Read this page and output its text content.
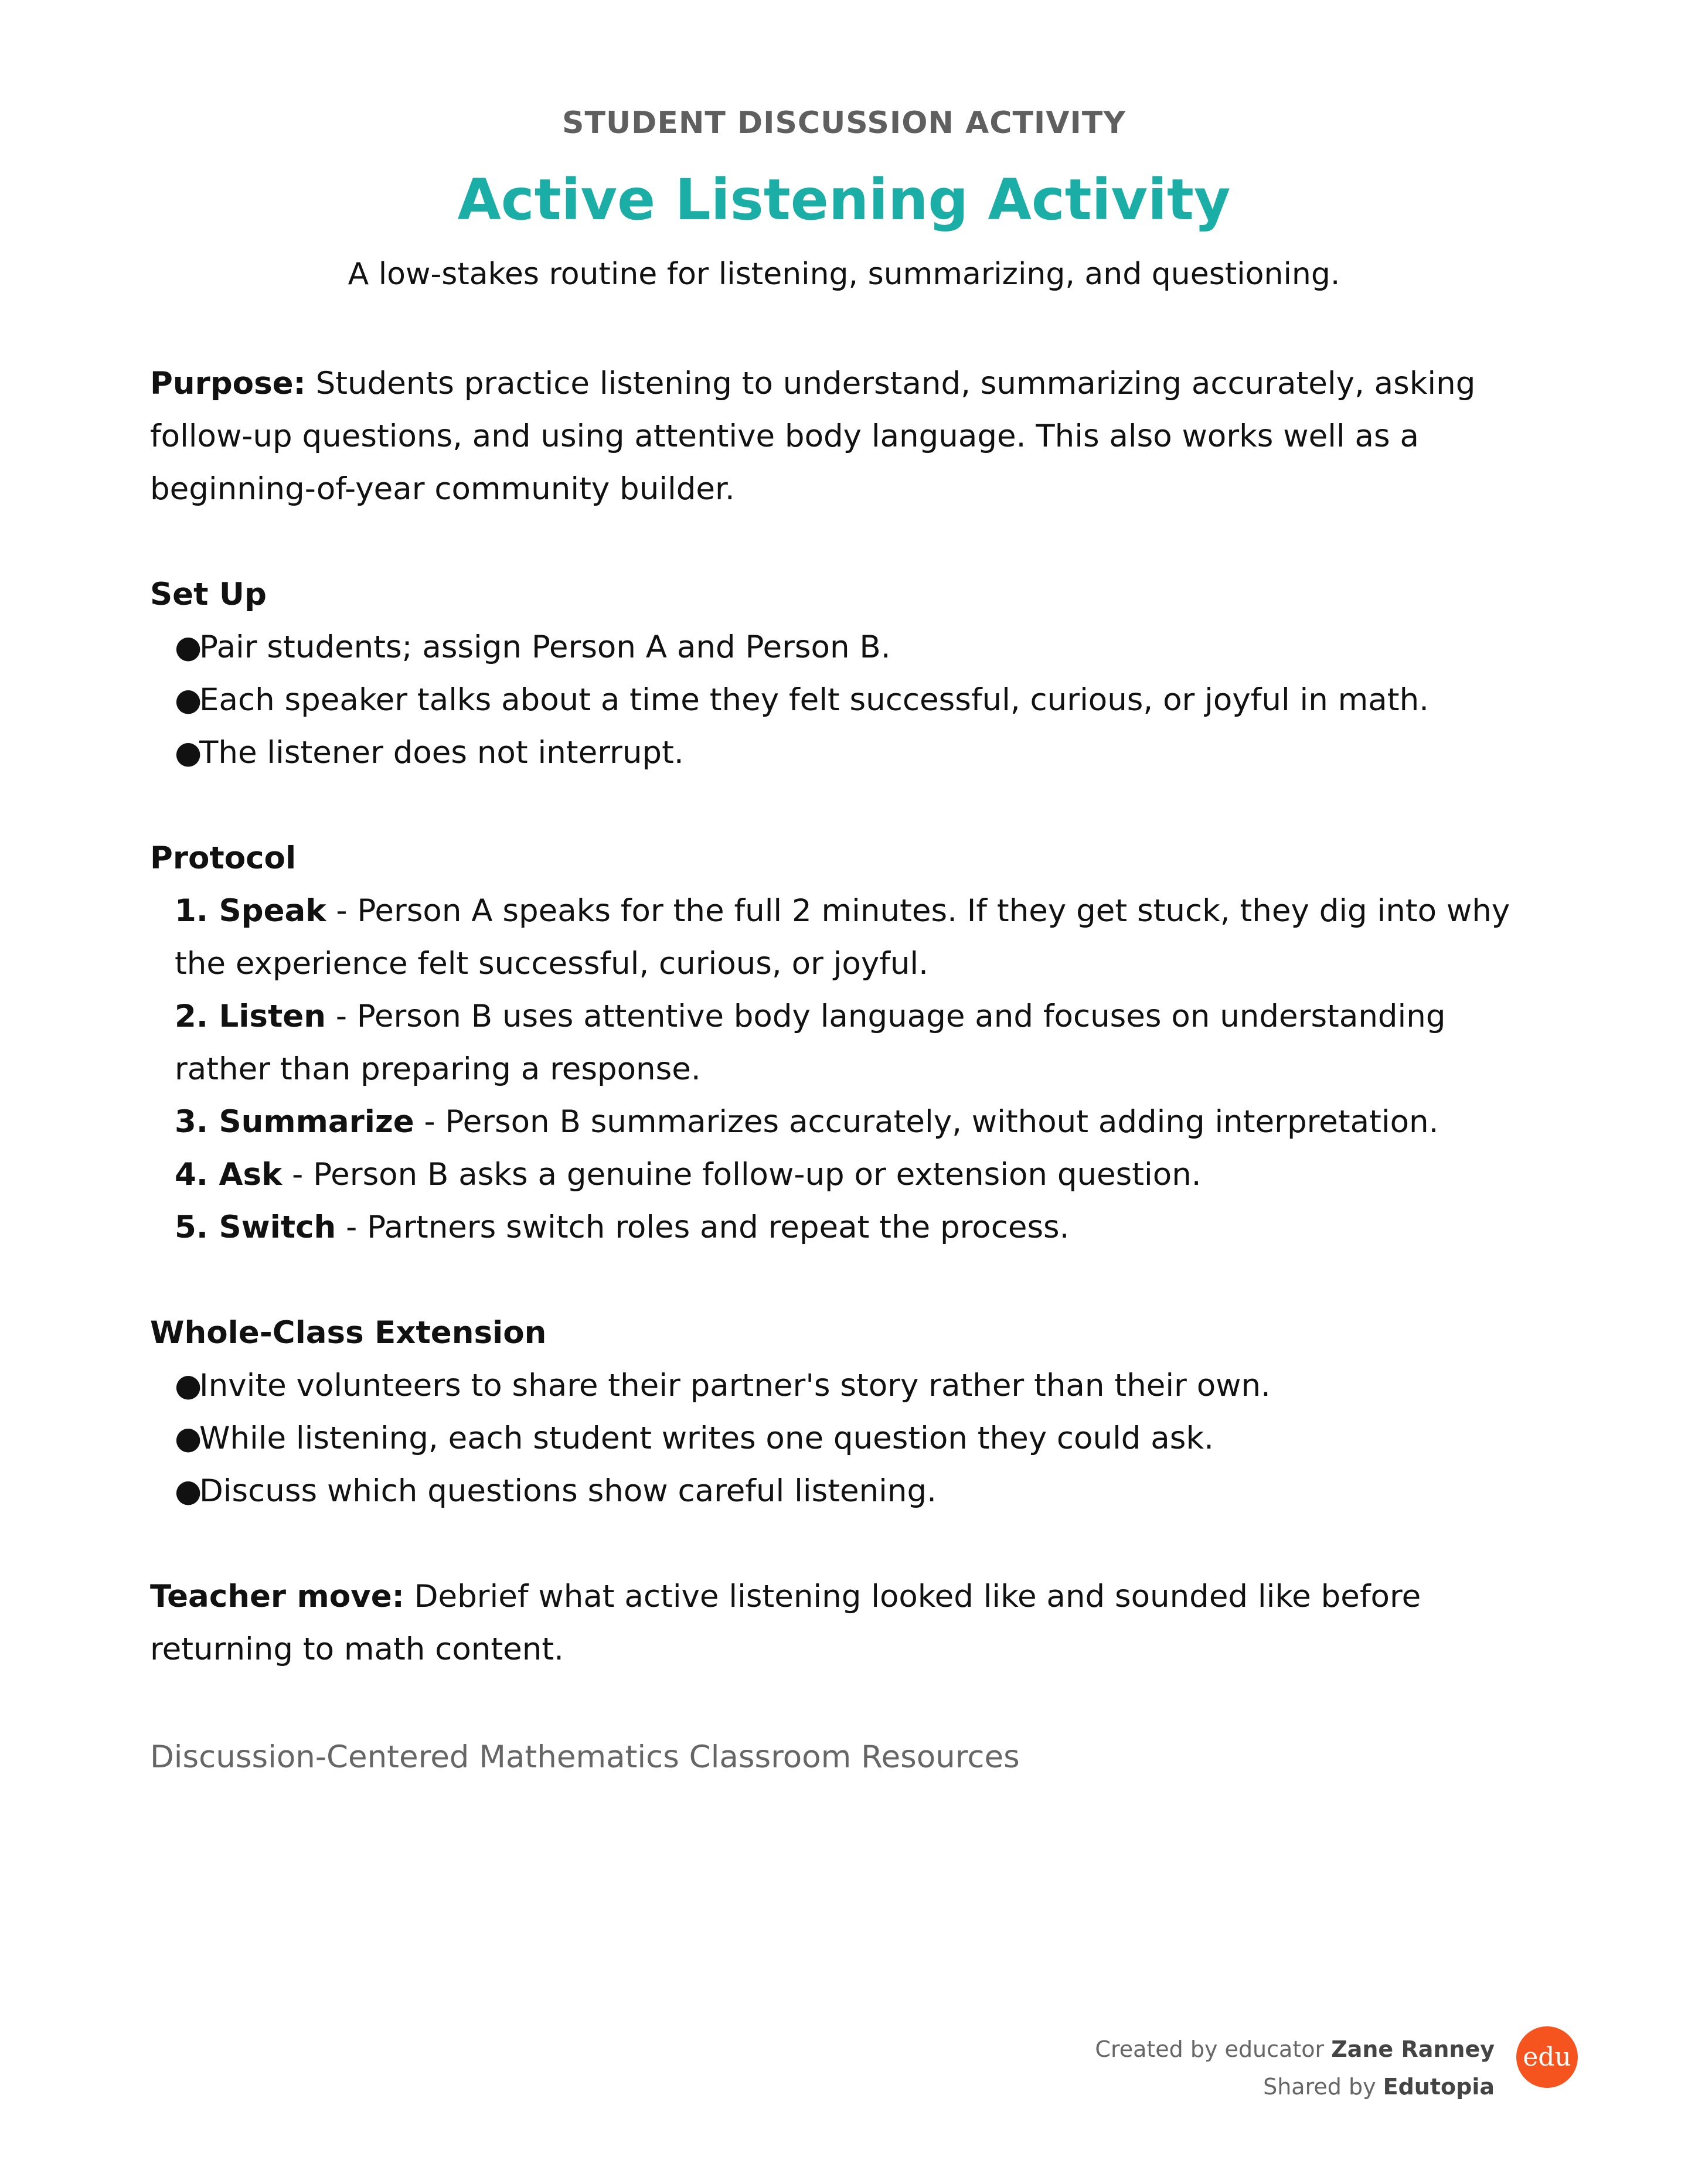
STUDENT DISCUSSION ACTIVITY
Active Listening Activity
A low-stakes routine for listening, summarizing, and questioning.

Purpose: Students practice listening to understand, summarizing accurately, asking follow-up questions, and using attentive body language. This also works well as a beginning-of-year community builder.

Set Up

●Pair students; assign Person A and Person B.
●Each speaker talks about a time they felt successful, curious, or joyful in math.
●The listener does not interrupt.

Protocol

1. Speak - Person A speaks for the full 2 minutes. If they get stuck, they dig into why the experience felt successful, curious, or joyful.
2. Listen - Person B uses attentive body language and focuses on understanding rather than preparing a response.
3. Summarize - Person B summarizes accurately, without adding interpretation.
4. Ask - Person B asks a genuine follow-up or extension question.
5. Switch - Partners switch roles and repeat the process.

Whole-Class Extension

●Invite volunteers to share their partner's story rather than their own.
●While listening, each student writes one question they could ask.
●Discuss which questions show careful listening.

Teacher move: Debrief what active listening looked like and sounded like before returning to math content.

Discussion-Centered Mathematics Classroom Resources
Created by educator Zane Ranney
Shared by Edutopia
edu
